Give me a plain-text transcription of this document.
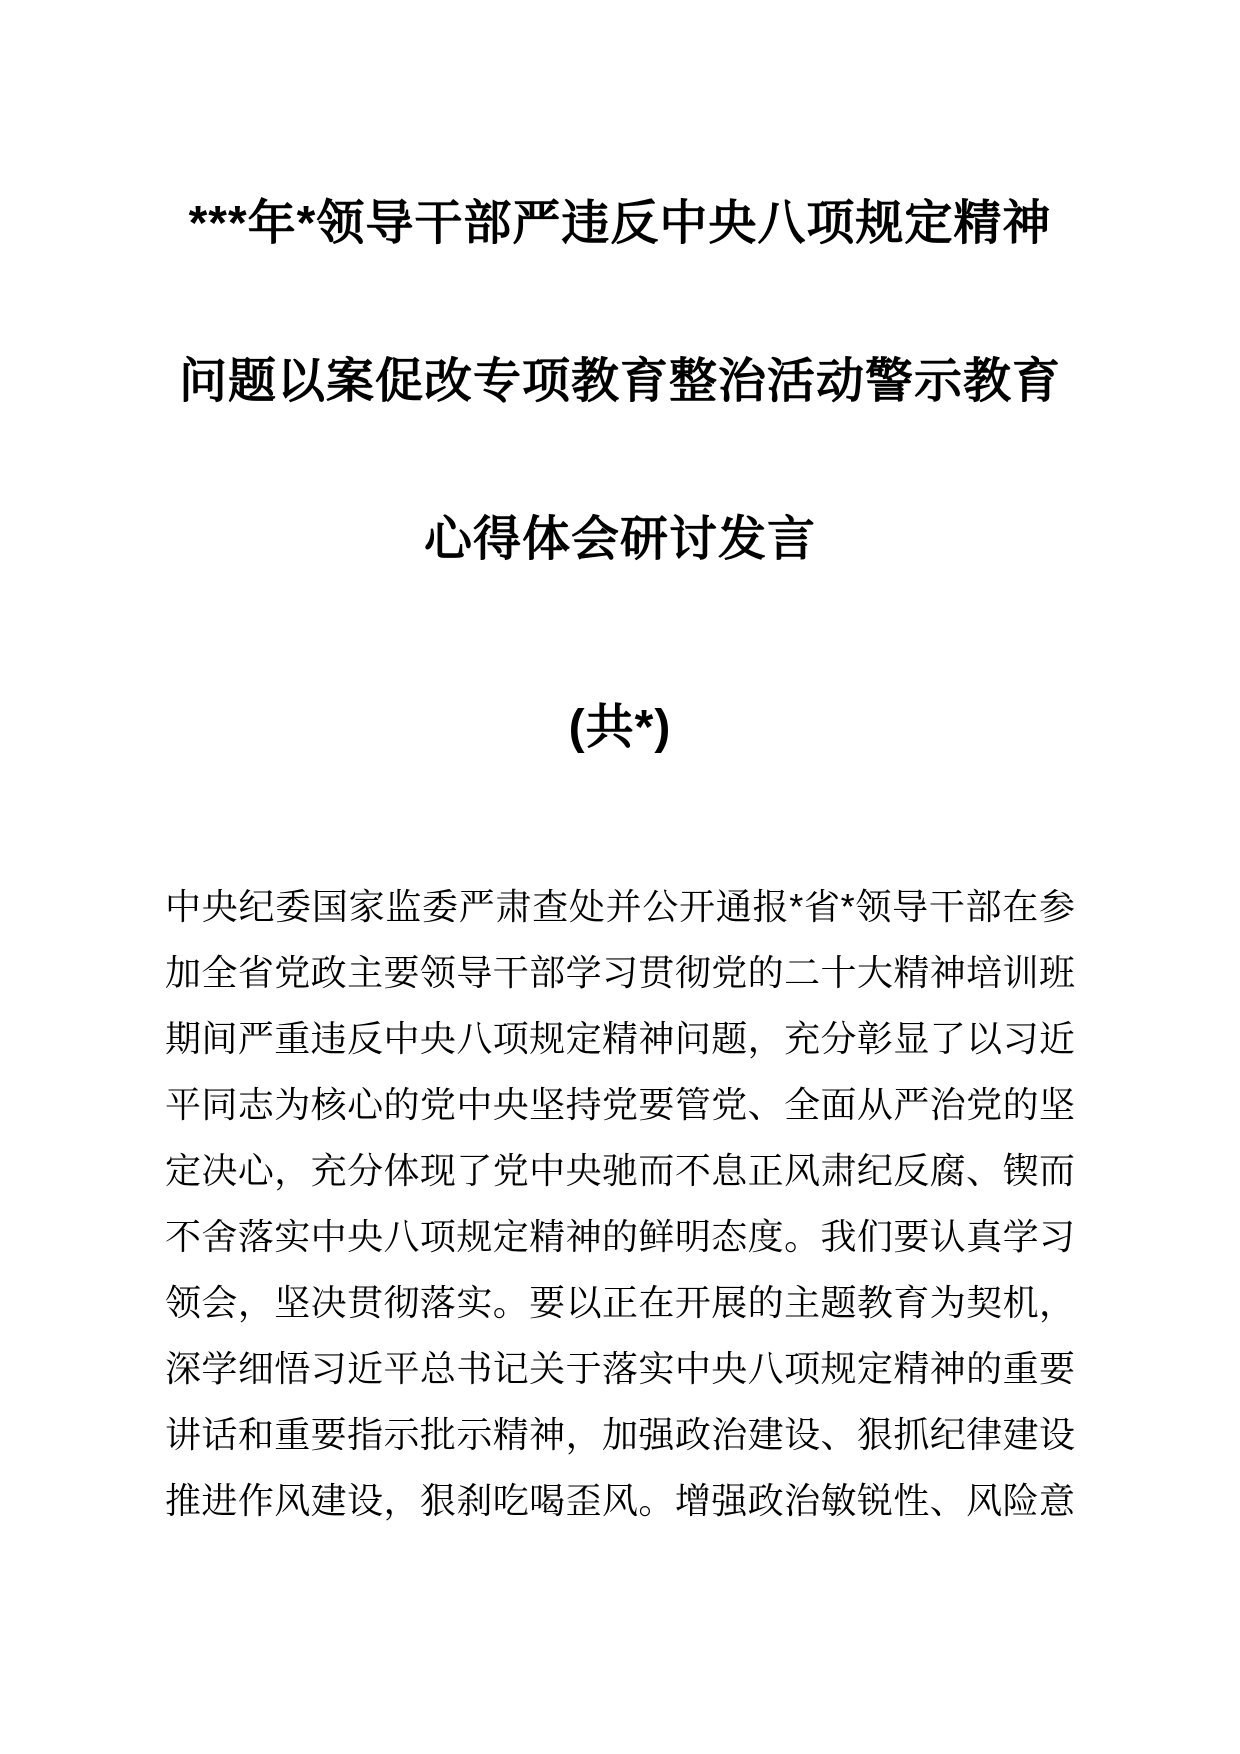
***年*领导干部严违反中央八项规定精神
问题以案促改专项教育整治活动警示教育
心得体会研讨发言
(共*)
中央纪委国家监委严肃查处并公开通报*省*领导干部在参
加全省党政主要领导干部学习贯彻党的二十大精神培训班
期间严重违反中央八项规定精神问题，充分彰显了以习近
平同志为核心的党中央坚持党要管党、全面从严治党的坚
定决心，充分体现了党中央驰而不息正风肃纪反腐、锲而
不舍落实中央八项规定精神的鲜明态度。我们要认真学习
领会，坚决贯彻落实。要以正在开展的主题教育为契机，
深学细悟习近平总书记关于落实中央八项规定精神的重要
讲话和重要指示批示精神，加强政治建设、狠抓纪律建设
推进作风建设，狠刹吃喝歪风。增强政治敏锐性、风险意
